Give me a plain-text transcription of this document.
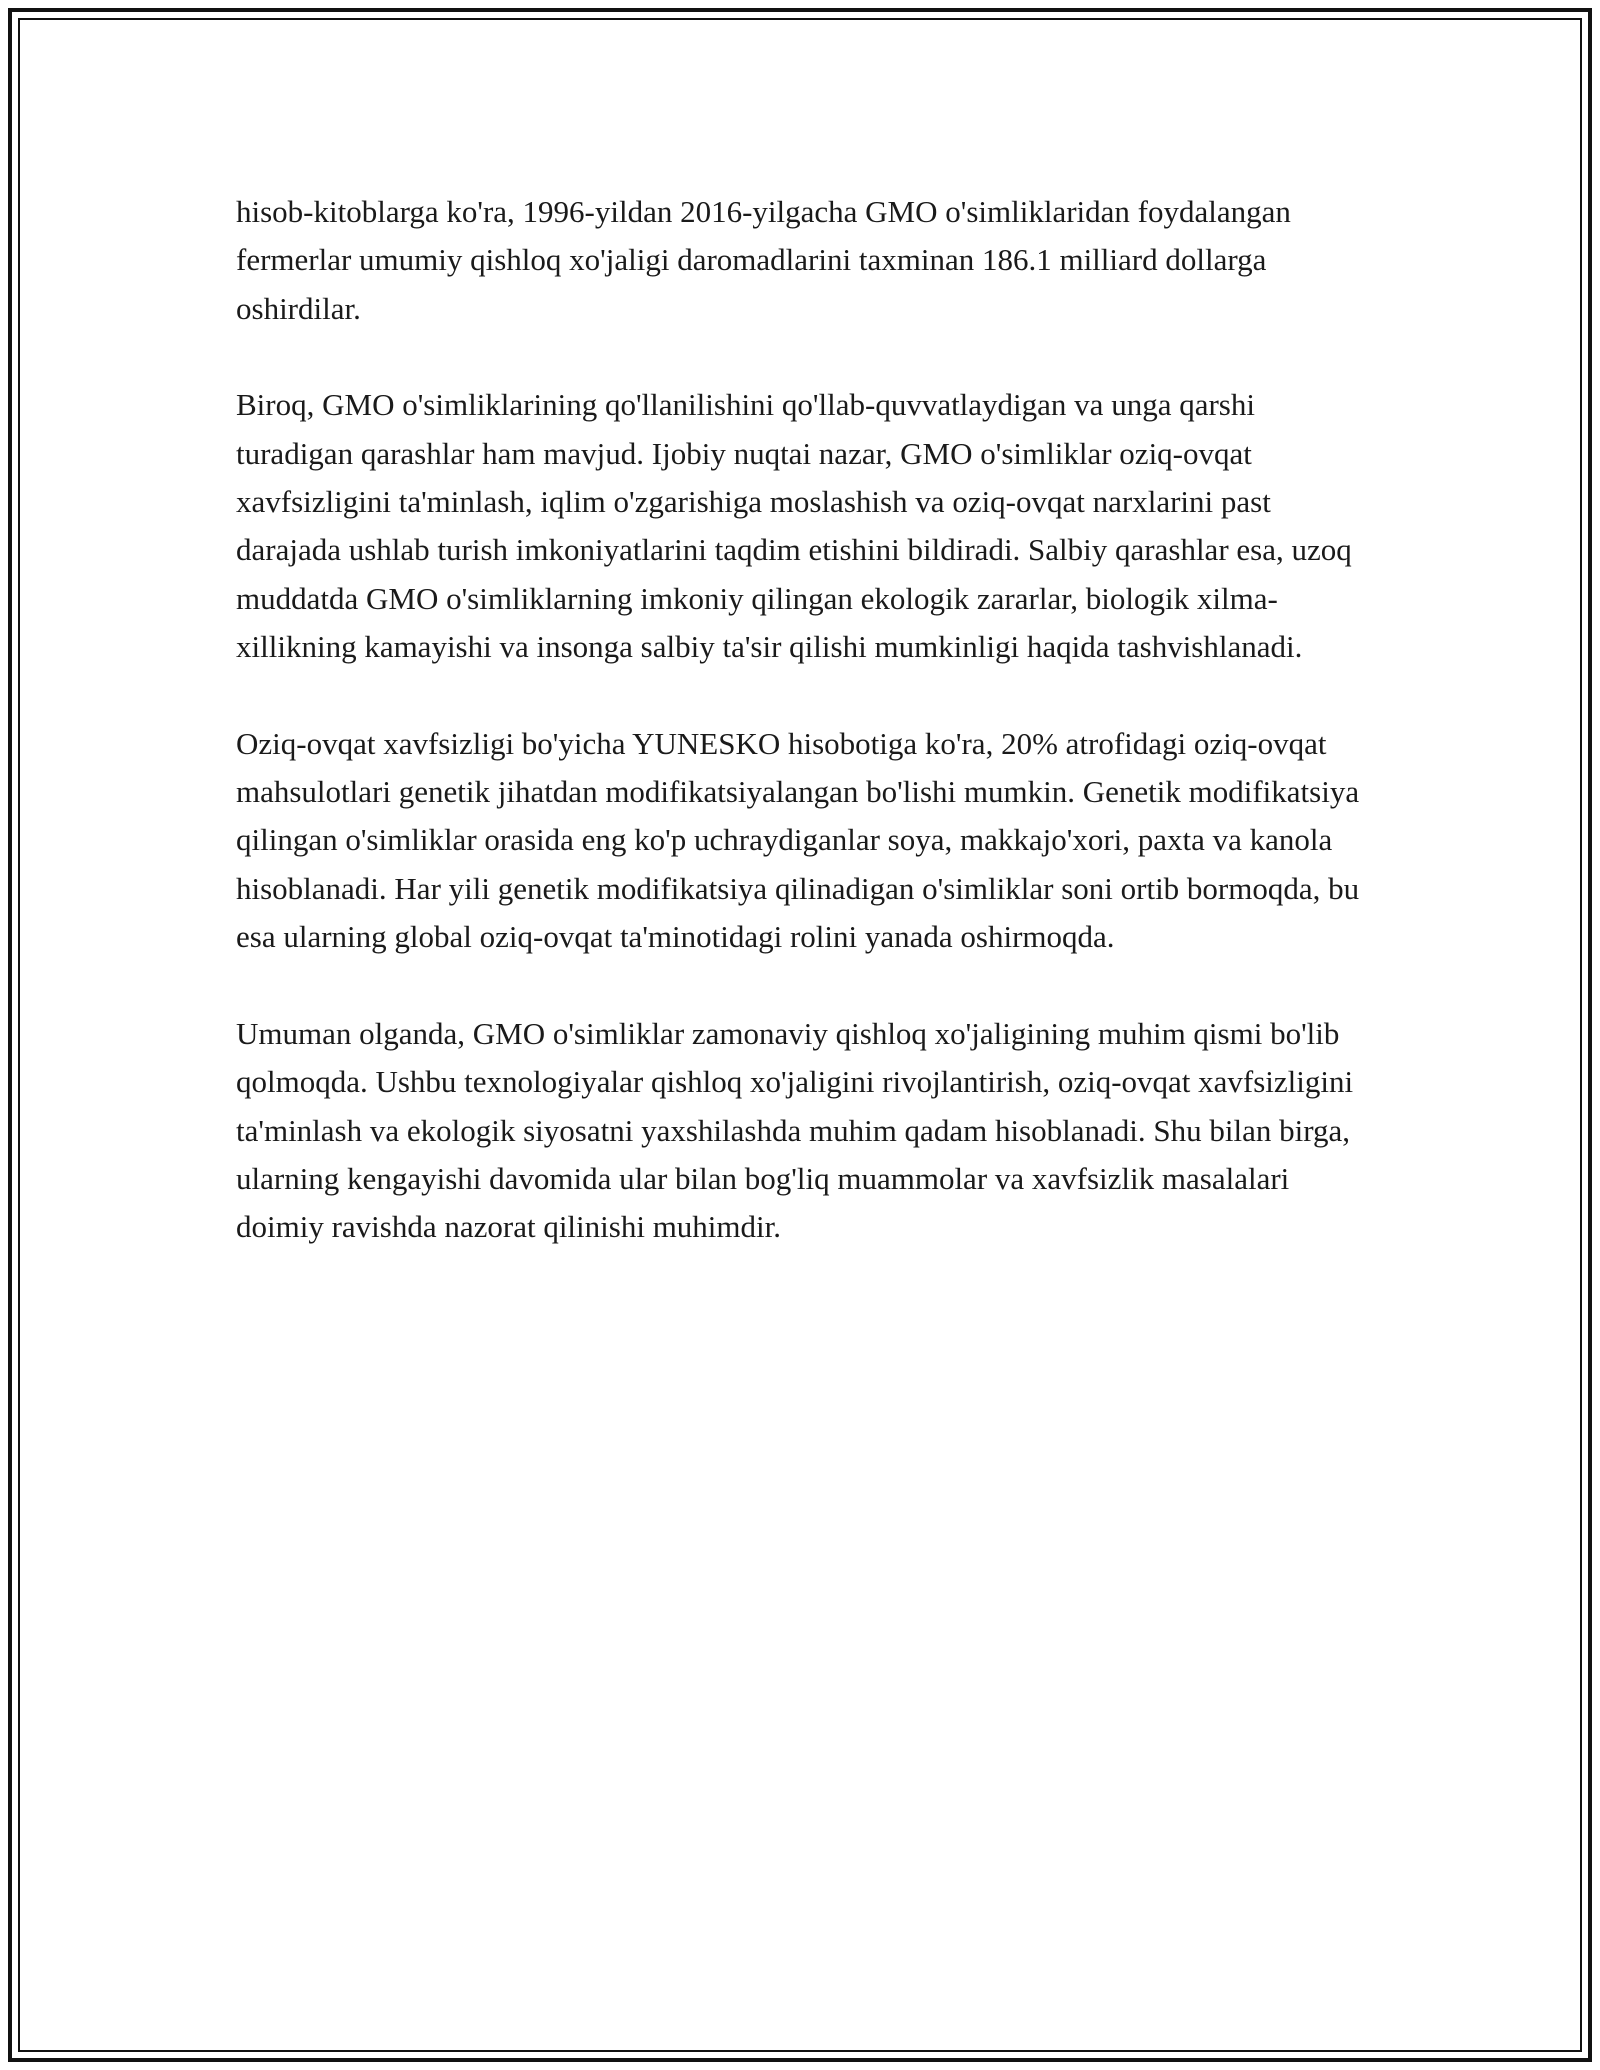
hisob-kitoblarga ko'ra, 1996-yildan 2016-yilgacha GMO o'simliklaridan foydalangan fermerlar umumiy qishloq xo'jaligi daromadlarini taxminan 186.1 milliard dollarga oshirdilar.

Biroq, GMO o'simliklarining qo'llanilishini qo'llab-quvvatlaydigan va unga qarshi turadigan qarashlar ham mavjud. Ijobiy nuqtai nazar, GMO o'simliklar oziq-ovqat xavfsizligini ta'minlash, iqlim o'zgarishiga moslashish va oziq-ovqat narxlarini past darajada ushlab turish imkoniyatlarini taqdim etishini bildiradi. Salbiy qarashlar esa, uzoq muddatda GMO o'simliklarning imkoniy qilingan ekologik zararlar, biologik xilma-xillikning kamayishi va insonga salbiy ta'sir qilishi mumkinligi haqida tashvishlanadi.

Oziq-ovqat xavfsizligi bo'yicha YUNESKO hisobotiga ko'ra, 20% atrofidagi oziq-ovqat mahsulotlari genetik jihatdan modifikatsiyalangan bo'lishi mumkin. Genetik modifikatsiya qilingan o'simliklar orasida eng ko'p uchraydiganlar soya, makkajo'xori, paxta va kanola hisoblanadi. Har yili genetik modifikatsiya qilinadigan o'simliklar soni ortib bormoqda, bu esa ularning global oziq-ovqat ta'minotidagi rolini yanada oshirmoqda.

Umuman olganda, GMO o'simliklar zamonaviy qishloq xo'jaligining muhim qismi bo'lib qolmoqda. Ushbu texnologiyalar qishloq xo'jaligini rivojlantirish, oziq-ovqat xavfsizligini ta'minlash va ekologik siyosatni yaxshilashda muhim qadam hisoblanadi. Shu bilan birga, ularning kengayishi davomida ular bilan bog'liq muammolar va xavfsizlik masalalari doimiy ravishda nazorat qilinishi muhimdir.
